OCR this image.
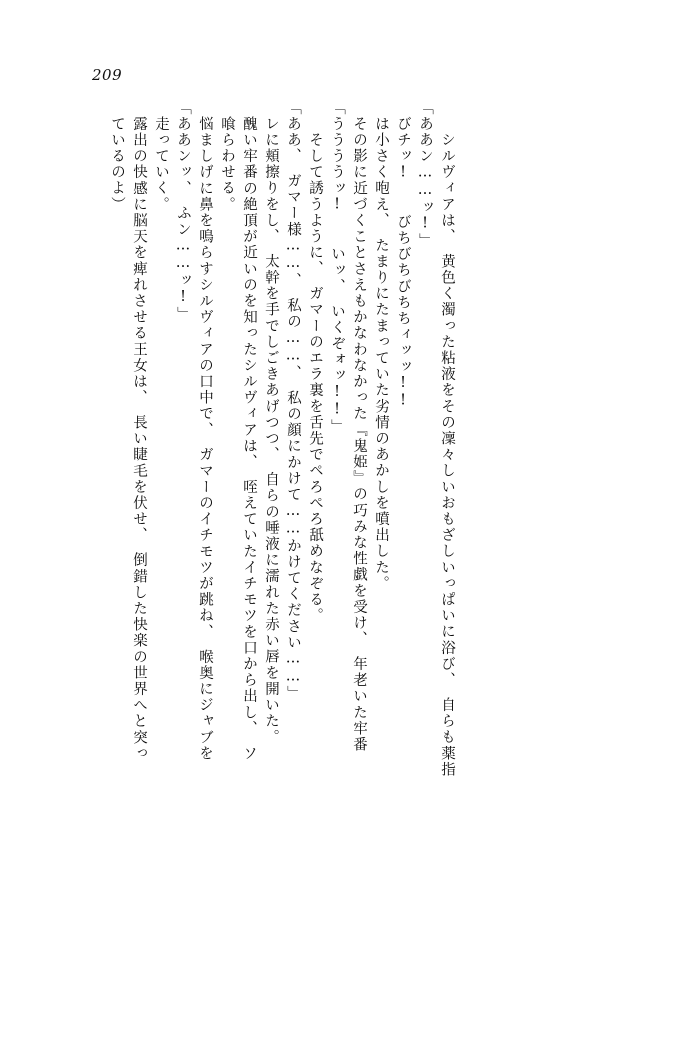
209
ているのよ） 　露出の快感に脳天を痺れさせる王女は、　長い睫毛を伏せ、　倒錯した快楽の世界へと突っ 走っていく。 「ああンッ、　ふン……ッ!」 　悩ましげに鼻を鳴らすシルヴィアの口中で、　ガマーのイチモツが跳ね、　喉奥にジャブを 喰らわせる。 　醜い牢番の絶頂が近いのを知ったシルヴィアは、　咥えていたイチモツを口から出し、　ソ レに頬擦りをし、　太幹を手でしごきあげつつ、　自らの唾液に濡れた赤い唇を開いた。 「ああ、　ガマー様……、　私の……、　私の顔にかけて……かけてください……」 　そして誘うように、　ガマーのエラ裏を舌先でペろぺろ舐めなぞる。 「ううううッ!　　いッ、　いくぞォッ!!」 　その影に近づくことさえもかなわなかった『鬼姫』の巧みな性戯を受け、　年老いた牢番 は小さく咆え、　たまりにたまっていた劣情のあかしを噴出した。 びチッ!　　びちびちびちちィッッ!! 「ああン……ッ!」 　シルヴィアは、　黄色く濁った粘液をその凜々しいおもざしいっぱいに浴び、　自らも薬指
